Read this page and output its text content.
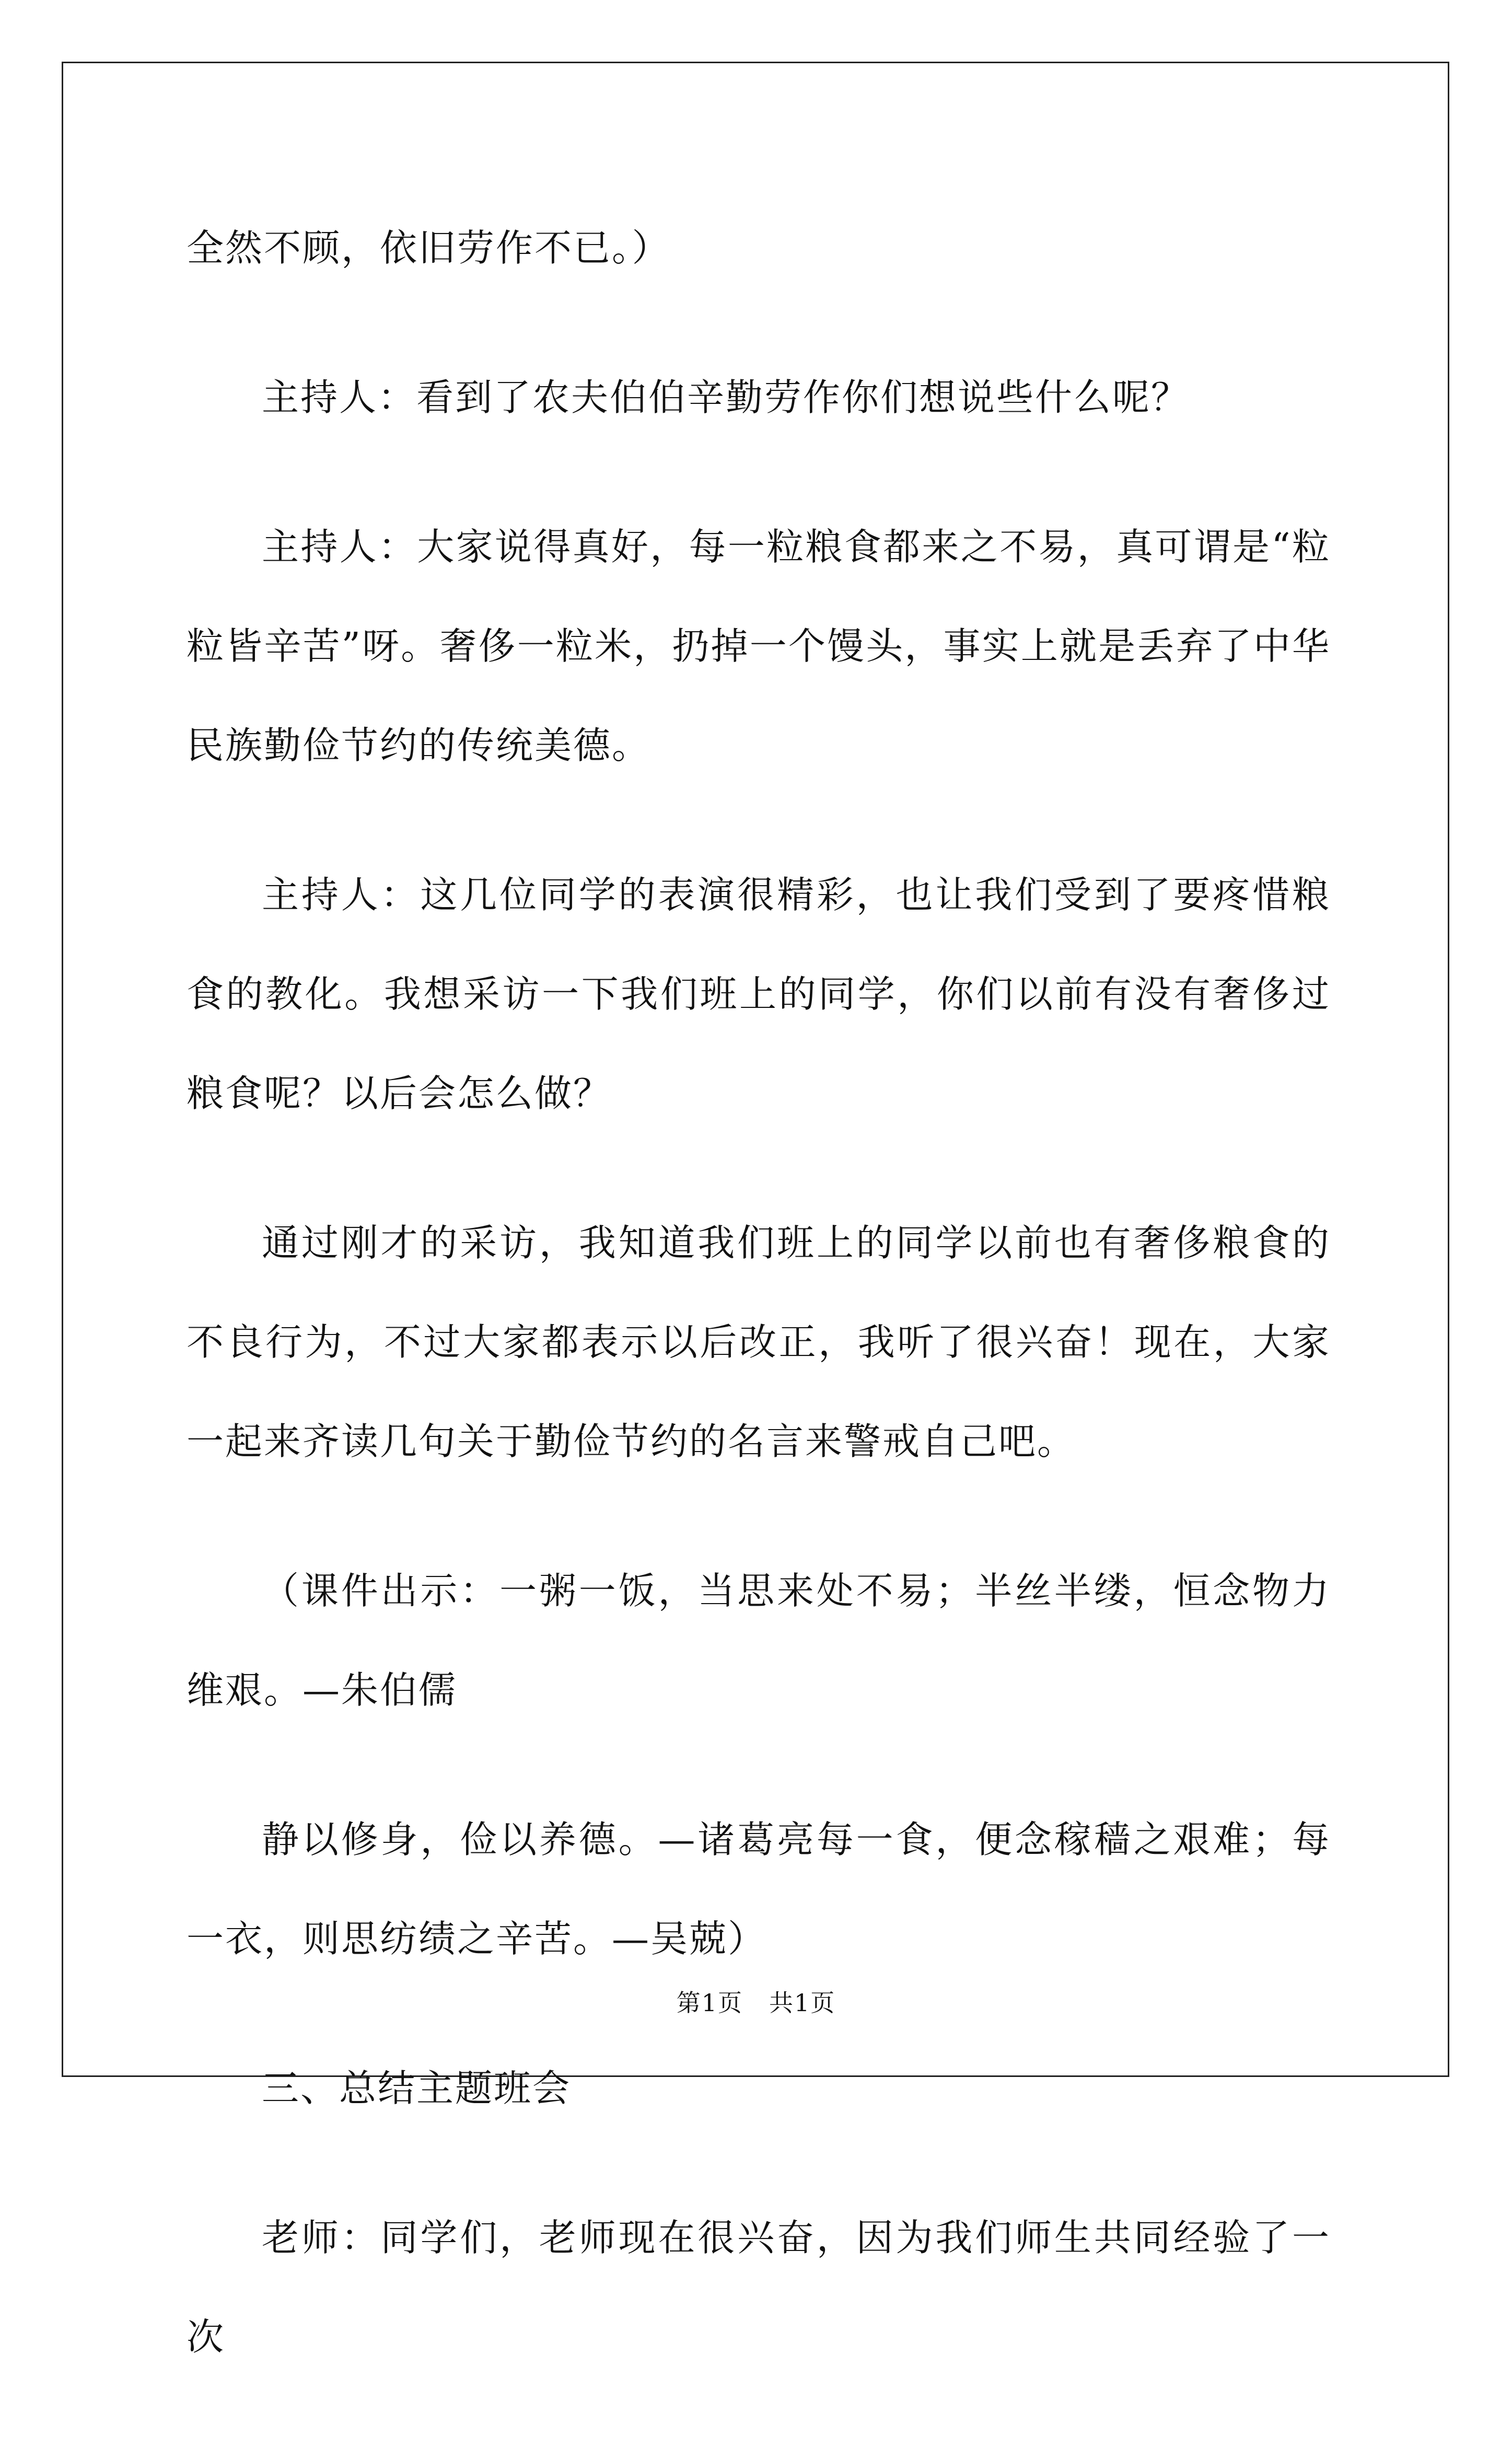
全然不顾，依旧劳作不已。）

主持人：看到了农夫伯伯辛勤劳作你们想说些什么呢？

主持人：大家说得真好，每一粒粮食都来之不易，真可谓是“粒粒皆辛苦”呀。奢侈一粒米，扔掉一个馒头，事实上就是丢弃了中华民族勤俭节约的传统美德。

主持人：这几位同学的表演很精彩，也让我们受到了要疼惜粮食的教化。我想采访一下我们班上的同学，你们以前有没有奢侈过粮食呢？以后会怎么做？

通过刚才的采访，我知道我们班上的同学以前也有奢侈粮食的不良行为，不过大家都表示以后改正，我听了很兴奋！现在，大家一起来齐读几句关于勤俭节约的名言来警戒自己吧。

（课件出示：一粥一饭，当思来处不易；半丝半缕，恒念物力维艰。—朱伯儒

静以修身，俭以养德。—诸葛亮每一食，便念稼穑之艰难；每一衣，则思纺绩之辛苦。—吴兢）

三、总结主题班会

老师：同学们，老师现在很兴奋，因为我们师生共同经验了一次

第1页 共1页
